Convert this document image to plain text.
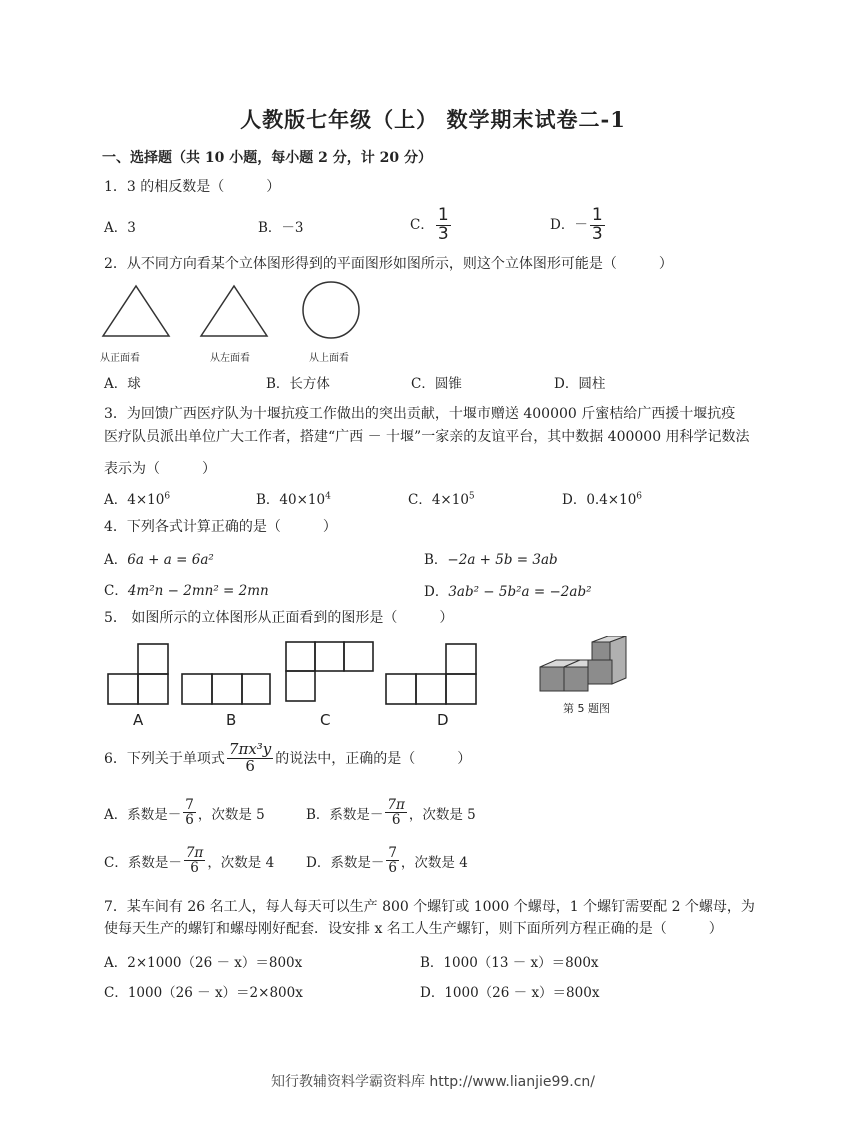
人教版七年级（上） 数学期末试卷二-1
一、选择题（共 10 小题，每小题 2 分，计 20 分）
1．3 的相反数是（　　　）
A．3	B．－3	C． $\frac{1}{3}$	D．－ $\frac{1}{3}$
2．从不同方向看某个立体图形得到的平面图形如图所示，则这个立体图形可能是（　　　）
从正面看	从左面看	从上面看
A．球	B．长方体	C．圆锥	D．圆柱
3．为回馈广西医疗队为十堰抗疫工作做出的突出贡献，十堰市赠送 400000 斤蜜桔给广西援十堰抗疫
医疗队员派出单位广大工作者，搭建“广西 － 十堰”一家亲的友谊平台，其中数据 400000 用科学记数法
表示为（　　　）
A．$4\times 10^6$	B．$40\times 10^4$	C．$4\times 10^5$	D．$0.4\times 10^6$
4．下列各式计算正确的是（　　　）
A．6a + a = 6a²	B．−2a + 5b = 3ab
C．4m²n − 2mn² = 2mn	D．3ab² − 5b²a = −2ab²
5． 如图所示的立体图形从正面看到的图形是（　　　）
A	B	C	D
第 5 题图
6．下列关于单项式 $\frac{\text{7πx³y}}{6}$ 的说法中，正确的是（　　　）
A．系数是－ $\frac{7}{6}$ ，次数是 5	B．系数是－ $\frac{7\pi}{6}$ ，次数是 5
C．系数是－ $\frac{7\pi}{6}$ ，次数是 4 D．系数是－ $\frac{7}{6}$ ，次数是 4
7．某车间有 26 名工人，每人每天可以生产 800 个螺钉或 1000 个螺母，1 个螺钉需要配 2 个螺母，为
使每天生产的螺钉和螺母刚好配套．设安排 x 名工人生产螺钉，则下面所列方程正确的是（　　　）
A．2×1000（26 － x）＝800x	B．1000（13 － x）＝800x
C．1000（26 － x）＝2×800x	D．1000（26 － x）＝800x
知行教辅资料学霸资料库 http://www.lianjie99.cn/
